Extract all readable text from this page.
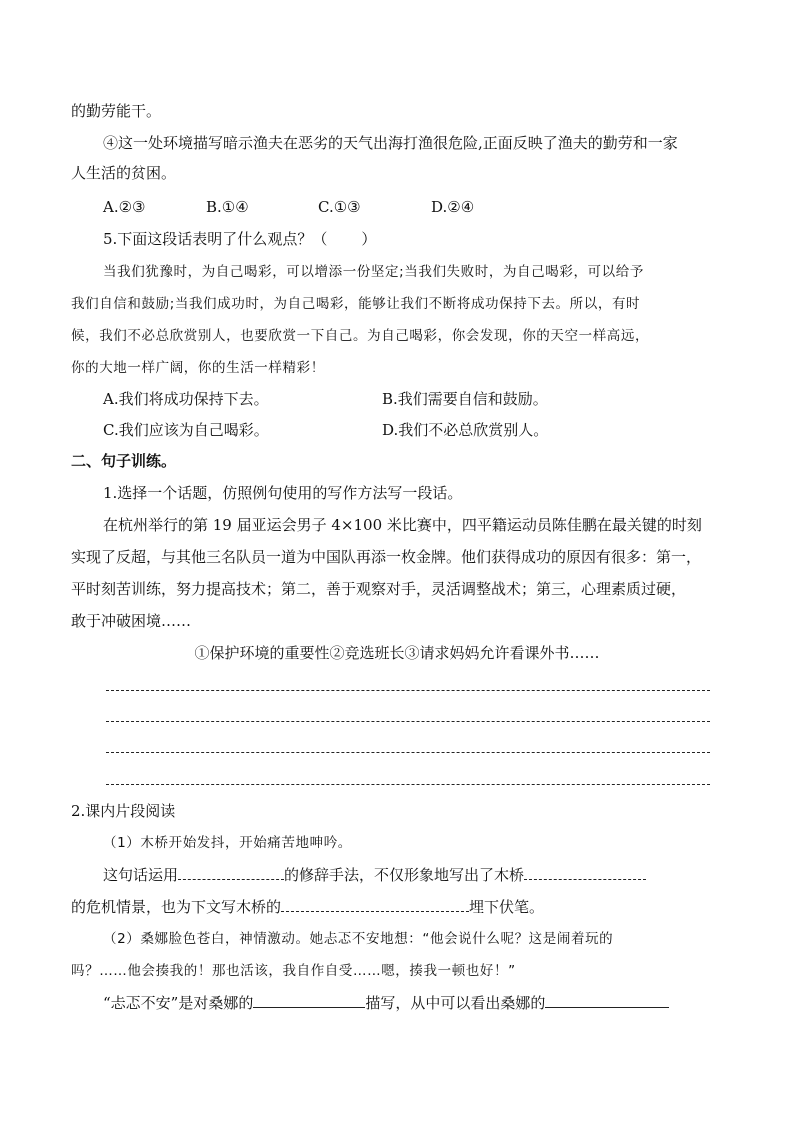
的勤劳能干。
④这一处环境描写暗示渔夫在恶劣的天气出海打渔很危险,正面反映了渔夫的勤劳和一家
人生活的贫困。
A.②③	B.①④	C.①③	D.②④
5.下面这段话表明了什么观点？（ ）
当我们犹豫时，为自己喝彩，可以增添一份坚定;当我们失败时，为自己喝彩，可以给予
我们自信和鼓励;当我们成功时，为自己喝彩，能够让我们不断将成功保持下去。所以，有时
候，我们不必总欣赏别人，也要欣赏一下自己。为自己喝彩，你会发现，你的天空一样高远，
你的大地一样广阔，你的生活一样精彩！
A.我们将成功保持下去。	B.我们需要自信和鼓励。
C.我们应该为自己喝彩。	D.我们不必总欣赏别人。
二、句子训练。
1.选择一个话题，仿照例句使用的写作方法写一段话。
在杭州举行的第 19 届亚运会男子 4×100 米比赛中，四平籍运动员陈佳鹏在最关键的时刻
实现了反超，与其他三名队员一道为中国队再添一枚金牌。他们获得成功的原因有很多：第一，
平时刻苦训练，努力提高技术；第二，善于观察对手，灵活调整战术；第三，心理素质过硬，
敢于冲破困境……
①保护环境的重要性②竞选班长③请求妈妈允许看课外书……
2.课内片段阅读
（1）木桥开始发抖，开始痛苦地呻吟。
这句话运用	的修辞手法，不仅形象地写出了木桥
的危机情景，也为下文写木桥的	埋下伏笔。
（2）桑娜脸色苍白，神情激动。她忐忑不安地想：“他会说什么呢？这是闹着玩的
吗？……他会揍我的！那也活该，我自作自受……嗯，揍我一顿也好！”
“忐忑不安”是对桑娜的	描写，从中可以看出桑娜的
